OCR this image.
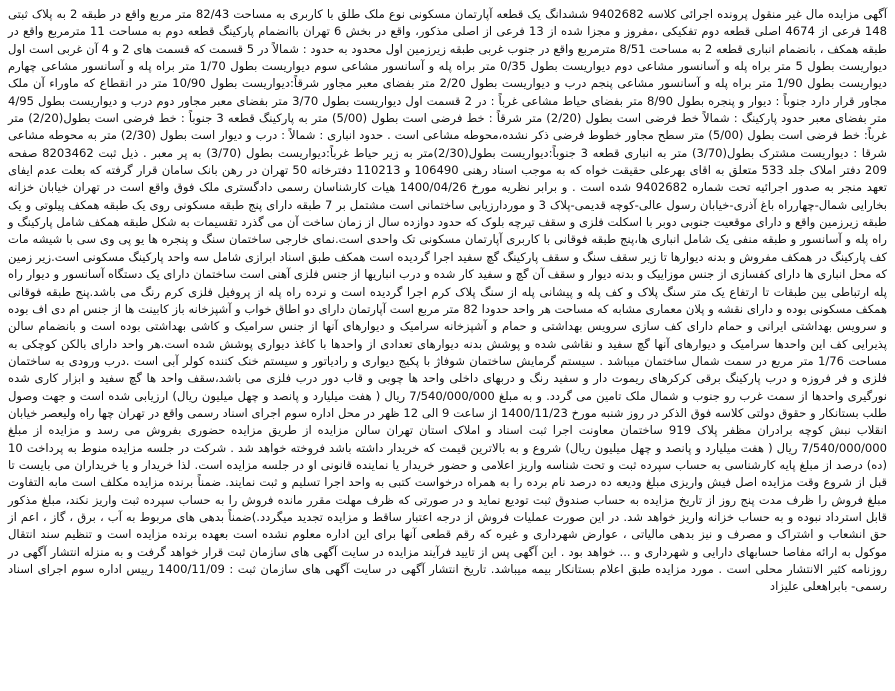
آگهی مزایده مال غیر منقول پرونده اجرائی کلاسه 9402682 ششدانگ یک قطعه آپارتمان مسکونی نوع ملک طلق با کاربری به مساحت 82/43 متر مربع واقع در طبقه 2 به پلاک ثبتی 148 فرعی از 4674 اصلی قطعه دوم تفکیکی ،مفروز و مجزا شده از 13 فرعی از اصلی مذکور، واقع در بخش 6 تهران باانضمام پارکینگ قطعه دوم به مساحت 11 مترمربع واقع در طبقه همکف ، بانضمام انباری قطعه 2 به مساحت 8/51 مترمربع واقع در جنوب غربی طبقه زیرزمین اول محدود به حدود : شمالاً در 5 قسمت که قسمت های 2 و 4 آن غربی است اول دیواریست بطول 5 متر براه پله و آسانسور مشاعی دوم دیواریست بطول 0/35 متر براه پله و آسانسور مشاعی سوم دیواریست بطول 1/70 متر براه پله و آسانسور مشاعی چهارم دیواریست بطول 1/90 متر براه پله و آسانسور مشاعی پنجم درب و دیواریست بطول 2/20 متر بفضای معبر مجاور شرقاً:دیواریست بطول 10/90 متر در انقطاع که ماوراء آن ملک مجاور قرار دارد جنوباً : دیوار و پنجره بطول 8/90 متر بفضای حیاط مشاعی غرباً : در 2 قسمت اول دیواریست بطول 3/70 متر بفضای معبر مجاور دوم درب و دیواریست بطول 4/95 متر بفضای معبر حدود پارکینگ : شمالاً خط فرضی است بطول (2/20) متر شرقاً : خط فرضی است بطول (5/00) متر به پارکینگ قطعه 3 جنوباً : خط فرضی است بطول(2/20) متر غرباً: خط فرضی است بطول (5/00) متر سطح مجاور خطوط فرضی ذکر نشده،محوطه مشاعی است . حدود انباری : شمالاً : درب و دیوار است بطول (2/30) متر به محوطه مشاعی شرقا : دیواریست مشترک بطول(3/70) متر به انباری قطعه 3 جنوباً:دیواریست بطول(2/30)متر به زیر حیاط غرباً:دیواریست بطول (3/70) به پر معبر . ذیل ثبت 8203462 صفحه 209 دفتر املاک جلد 533 متعلق به اقای بهرعلی حقیقت خواه که به موجب اسناد رهنی 106490 و 110213 دفترخانه 50 تهران در رهن بانک سامان قرار گرفته که بعلت عدم ایفای تعهد منجر به صدور اجرائیه تحت شماره 9402682 شده است . و برابر نظریه مورخ 1400/04/26 هیات کارشناسان رسمی دادگستری ملک فوق واقع است در تهران خیابان خزانه بخارایی شمال-چهارراه باغ آذری-خیابان رسول عالی-کوچه قدیمی-پلاک 3 و موردارزیابی ساختمانی است مشتمل بر 7 طبقه دارای پنج طبقه مسکونی روی یک طبقه همکف پیلوتی و یک طبقه زیرزمین واقع و دارای موقعیت جنوبی دوبر با اسکلت فلزی و سقف تیرچه بلوک که حدود دوازده سال از زمان ساخت آن می گذرد تقسیمات به شکل طبقه همکف شامل پارکینگ و راه پله و آسانسور و طبقه منفی یک شامل انباری ها،پنج طبقه فوقانی با کاربری آپارتمان مسکونی تک واحدی است.نمای خارجی ساختمان سنگ و پنجره ها یو پی وی سی با شیشه مات کف پارکینگ در همکف مفروش و بدنه دیوارها تا زیر سقف سنگ و سقف پارکینگ گچ سفید اجرا گردیده است همکف طبق اسناد ابرازی شامل سه واحد پارکینگ مسکونی است.زیر زمین که محل انباری ها دارای کفسازی از جنس موزاییک و بدنه دیوار و سقف آن گچ و سفید کار شده و درب انباریها از جنس فلزی آهنی است ساختمان دارای یک دستگاه آسانسور و دیوار راه پله ارتباطی بین طبقات تا ارتفاع یک متر سنگ پلاک و کف پله و پیشانی پله از سنگ پلاک کرم اجرا گردیده است و نرده راه پله از پروفیل فلزی کرم رنگ می باشد.پنج طبقه فوقانی همکف مسکونی بوده و دارای نقشه و پلان معماری مشابه که مساحت هر واحد حدودا 82 متر مربع است آپارتمان دارای دو اطاق خواب و آشپزخانه باز کابینت ها از جنس ام دی اف بوده و سرویس بهداشتی ایرانی و حمام دارای کف سازی سرویس بهداشتی و حمام و آشپزخانه سرامیک و دیوارهای آنها از جنس سرامیک و کاشی بهداشتی بوده است و بانضمام سالن پذیرایی کف این واحدها سرامیک و دیوارهای آنها گچ سفید و نقاشی شده و پوشش بدنه دیوارهای تعدادی از واحدها با کاغذ دیواری پوشش شده است.هر واحد دارای بالکن کوچکی به مساحت 1/76 متر مربع در سمت شمال ساختمان میباشد . سیستم گرمایش ساختمان شوفاژ با پکیج دیواری و رادیاتور و سیستم خنک کننده کولر آبی است .درب ورودی به ساختمان فلزی و فر فروزه و درب پارکینگ برقی کرکرهای ریموت دار و سفید رنگ و دربهای داخلی واحد ها چوبی و قاب دور درب فلزی می باشد،سقف واحد ها گچ سفید و ابزار کاری شده نورگیری واحدها از سمت غرب رو جنوب و شمال ملک تامین می گردد. و به مبلغ 7/540/000/000 ریال ( هفت میلیارد و پانصد و چهل میلیون ریال) ارزیابی شده است و جهت وصول طلب بستانکار و حقوق دولتی کلاسه فوق الذکر در روز شنبه مورخ 1400/11/23 از ساعت 9 الی 12 ظهر در محل اداره سوم اجرای اسناد رسمی واقع در تهران چها راه ولیعصر خیابان انقلاب نبش کوچه برادران مظفر پلاک 919 ساختمان معاونت اجرا ثبت اسناد و املاک استان تهران سالن مزایده از طریق مزایده حضوری بفروش می رسد و مزایده از مبلغ 7/540/000/000 ریال ( هفت میلیارد و پانصد و چهل میلیون ریال) شروع و به بالاترین قیمت که خریدار داشته باشد فروخته خواهد شد . شرکت در جلسه مزایده منوط به پرداخت 10 (ده) درصد از مبلغ پایه کارشناسی به حساب سپرده ثبت و تحت شناسه واریز اعلامی و حضور خریدار یا نماینده قانونی او در جلسه مزایده است. لذا خریدار و یا خریداران می بایست تا قبل از شروع وقت مزایده اصل فیش واریزی مبلغ ودیعه ده درصد نام برده را به همراه درخواست کتبی به واحد اجرا تسلیم و ثبت نمایند. ضمناً برنده مزایده مکلف است مابه التفاوت مبلغ فروش را ظرف مدت پنج روز از تاریخ مزایده به حساب صندوق ثبت تودیع نماید و در صورتی که ظرف مهلت مقرر مانده فروش را به حساب سپرده ثبت واریز نکند، مبلغ مذکور قابل استرداد نبوده و به حساب خزانه واریز خواهد شد. در این صورت عملیات فروش از درجه اعتبار ساقط و مزایده تجدید میگردد.)ضمناً بدهی های مربوط به آب ، برق ، گاز ، اعم از حق انشعاب و اشتراک و مصرف و نیز بدهی مالیاتی ، عوارض شهرداری و غیره که رقم قطعی آنها برای این اداره معلوم نشده است بعهده برنده مزایده است و تنظیم سند انتقال موکول به ارائه مفاصا حسابهای دارایی و شهرداری و ... خواهد بود . این آگهی پس از تایید فرآیند مزایده در سایت آگهی های سازمان ثبت قرار خواهد گرفت و به منزله انتشار آگهی در روزنامه کثیر الانتشار محلی است . مورد مزایده طبق اعلام بستانکار بیمه میباشد. تاریخ انتشار آگهی در سایت آگهی های سازمان ثبت : 1400/11/09 رییس اداره سوم اجرای اسناد رسمی- بابراهعلی علیزاد
